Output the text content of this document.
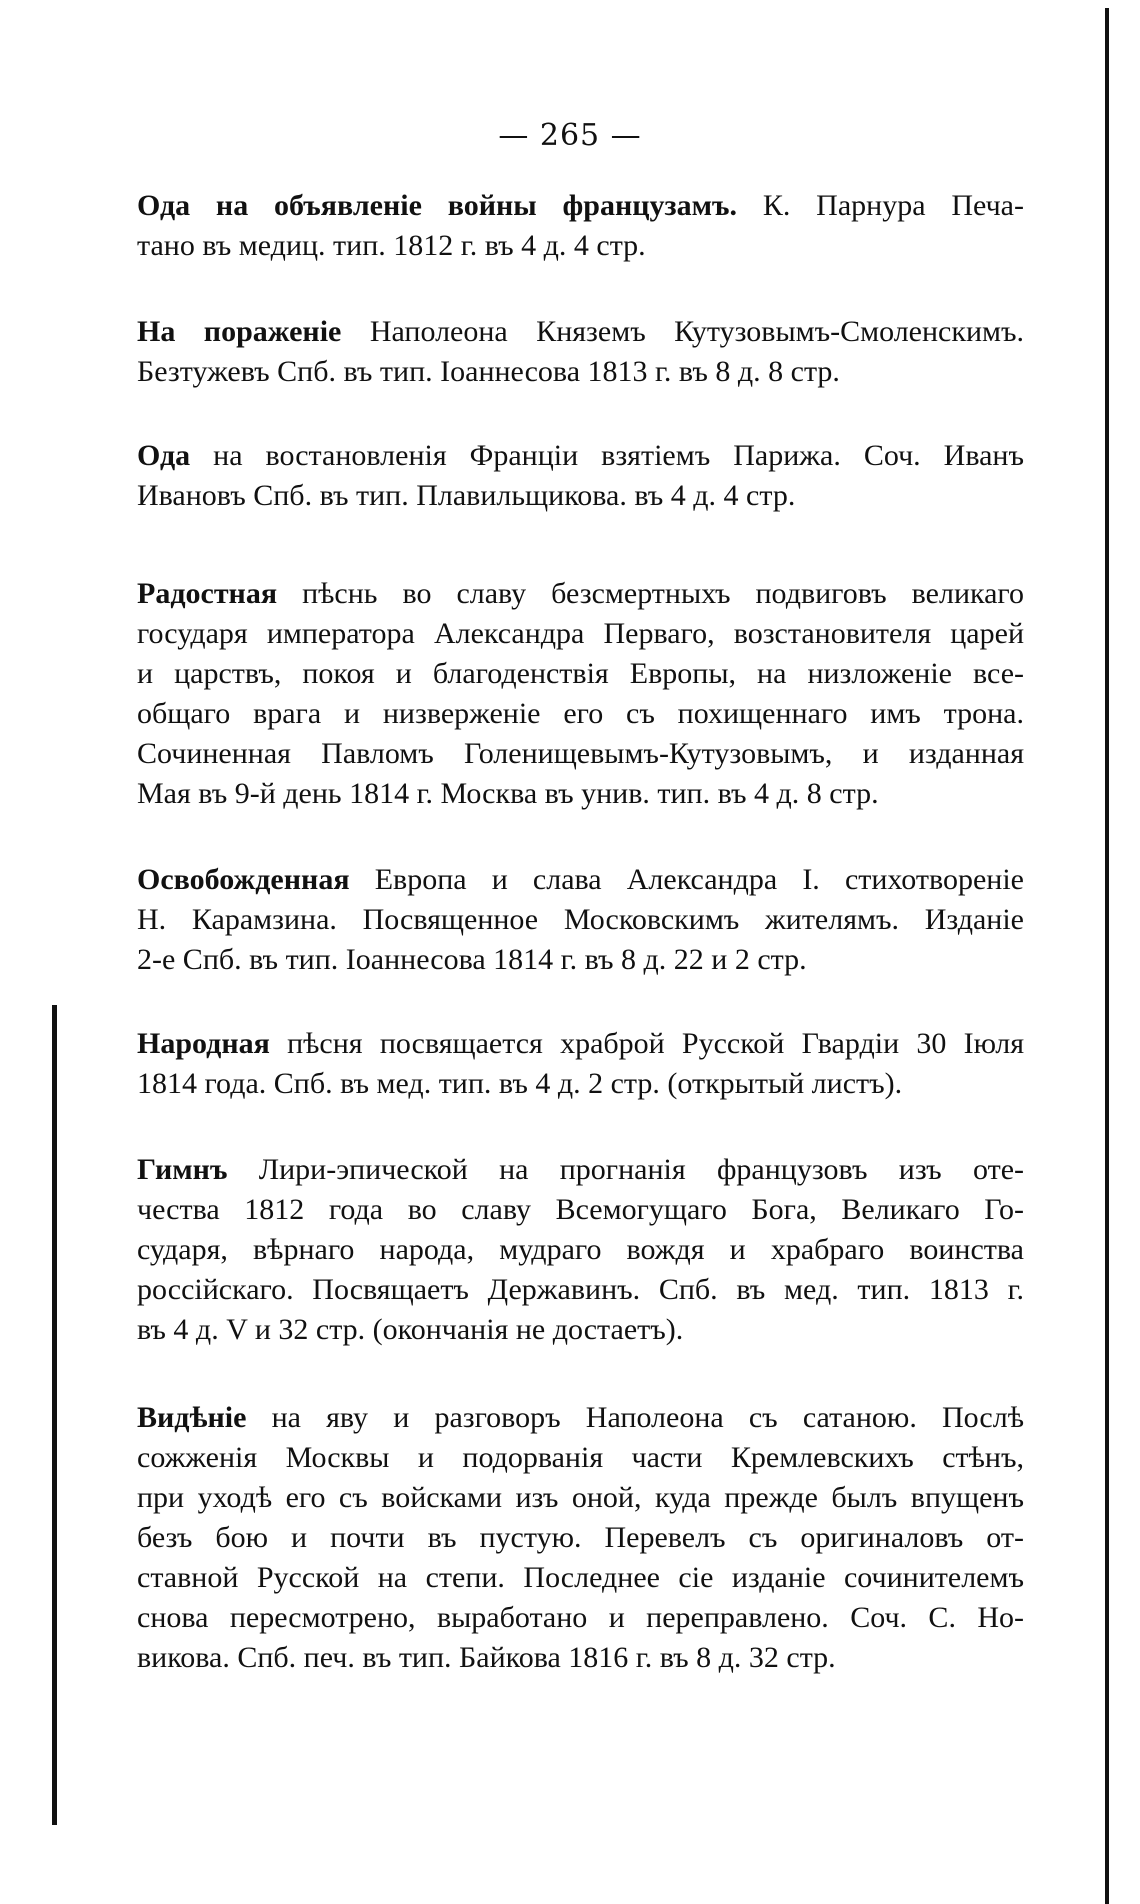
— 265 —
Ода на объявленіе войны французамъ. К. Парнура Печа-
тано въ медиц. тип. 1812 г. въ 4 д. 4 стр.
На пораженіе Наполеона Княземъ Кутузовымъ-Смоленскимъ.
Безтужевъ Спб. въ тип. Іоаннесова 1813 г. въ 8 д. 8 стр.
Ода на востановленія Франціи взятіемъ Парижа. Соч. Иванъ
Ивановъ Спб. въ тип. Плавильщикова. въ 4 д. 4 стр.
Радостная пѣснь во славу безсмертныхъ подвиговъ великаго
государя императора Александра Перваго, возстановителя царей
и царствъ, покоя и благоденствія Европы, на низложеніе все-
общаго врага и низверженіе его съ похищеннаго имъ трона.
Сочиненная Павломъ Голенищевымъ-Кутузовымъ, и изданная
Мая въ 9-й день 1814 г. Москва въ унив. тип. въ 4 д. 8 стр.
Освобожденная Европа и слава Александра I. стихотвореніе
Н. Карамзина. Посвященное Московскимъ жителямъ. Изданіе
2-е Спб. въ тип. Іоаннесова 1814 г. въ 8 д. 22 и 2 стр.
Народная пѣсня посвящается храброй Русской Гвардіи 30 Іюля
1814 года. Спб. въ мед. тип. въ 4 д. 2 стр. (открытый листъ).
Гимнъ Лири-эпической на прогнанія французовъ изъ оте-
чества 1812 года во славу Всемогущаго Бога, Великаго Го-
сударя, вѣрнаго народа, мудраго вождя и храбраго воинства
россійскаго. Посвящаетъ Державинъ. Спб. въ мед. тип. 1813 г.
въ 4 д. V и 32 стр. (окончанія не достаетъ).
Видѣніе на яву и разговоръ Наполеона съ сатаною. Послѣ
сожженія Москвы и подорванія части Кремлевскихъ стѣнъ,
при уходѣ его съ войсками изъ оной, куда прежде былъ впущенъ
безъ бою и почти въ пустую. Перевелъ съ оригиналовъ от-
ставной Русской на степи. Последнее сіе изданіе сочинителемъ
снова пересмотрено, выработано и переправлено. Соч. С. Но-
викова. Спб. печ. въ тип. Байкова 1816 г. въ 8 д. 32 стр.
